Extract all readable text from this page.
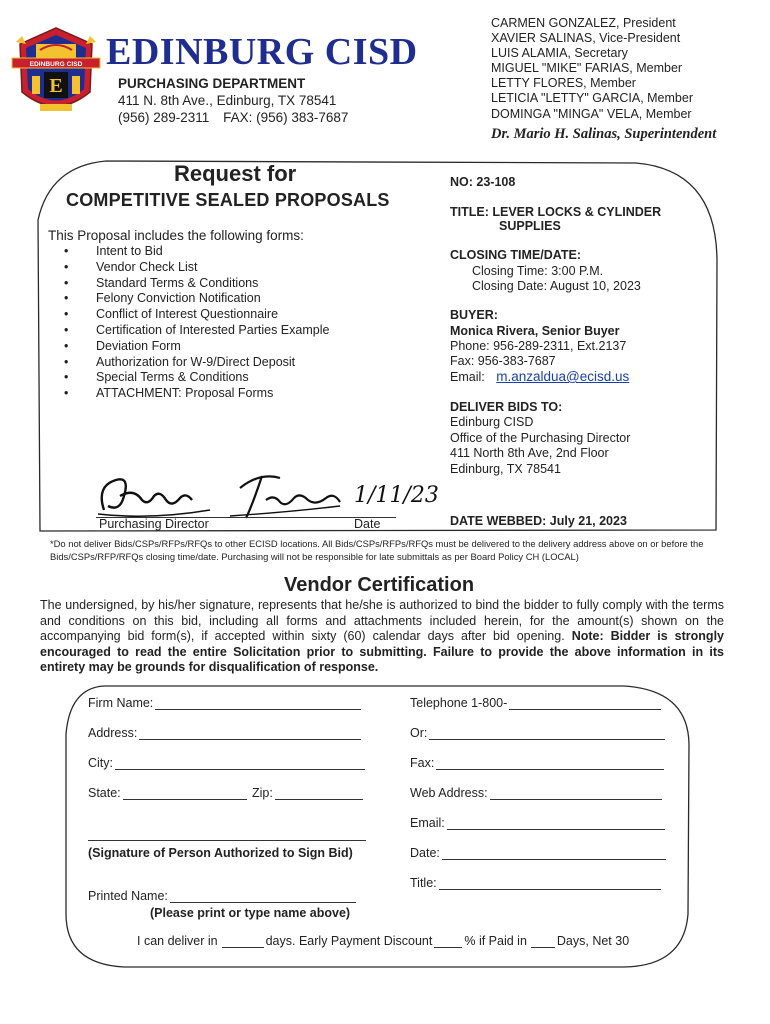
EDINBURG CISD
E
EDINBURG CISD
PURCHASING DEPARTMENT
411 N. 8th Ave., Edinburg, TX 78541
(956) 289-2311 FAX: (956) 383-7687
CARMEN GONZALEZ, President
XAVIER SALINAS, Vice-President
LUIS ALAMIA, Secretary
MIGUEL "MIKE" FARIAS, Member
LETTY FLORES, Member
LETICIA "LETTY" GARCIA, Member
DOMINGA "MINGA" VELA, Member
Dr. Mario H. Salinas, Superintendent
Request for
COMPETITIVE SEALED PROPOSALS
This Proposal includes the following forms:
• Intent to Bid
• Vendor Check List
• Standard Terms & Conditions
• Felony Conviction Notification
• Conflict of Interest Questionnaire
• Certification of Interested Parties Example
• Deviation Form
• Authorization for W-9/Direct Deposit
• Special Terms & Conditions
• ATTACHMENT: Proposal Forms
NO: 23-108
TITLE: LEVER LOCKS & CYLINDER
SUPPLIES
CLOSING TIME/DATE:
Closing Time: 3:00 P.M.
Closing Date: August 10, 2023
BUYER:
Monica Rivera, Senior Buyer
Phone: 956-289-2311, Ext.2137
Fax: 956-383-7687
Email: m.anzaldua@ecisd.us
DELIVER BIDS TO:
Edinburg CISD
Office of the Purchasing Director
411 North 8th Ave, 2nd Floor
Edinburg, TX 78541
1/11/23
Purchasing Director	Date	DATE WEBBED: July 21, 2023
*Do not deliver Bids/CSPs/RFPs/RFQs to other ECISD locations. All Bids/CSPs/RFPs/RFQs must be delivered to the delivery address above on or before the Bids/CSPs/RFP/RFQs closing time/date. Purchasing will not be responsible for late submittals as per Board Policy CH (LOCAL)
Vendor Certification
The undersigned, by his/her signature, represents that he/she is authorized to bind the bidder to fully comply with the terms and conditions on this bid, including all forms and attachments included herein, for the amount(s) shown on the accompanying bid form(s), if accepted within sixty (60) calendar days after bid opening. Note: Bidder is strongly encouraged to read the entire Solicitation prior to submitting. Failure to provide the above information in its entirety may be grounds for disqualification of response.
Firm Name:
Address:
City:
State:	Zip:
(Signature of Person Authorized to Sign Bid)
Printed Name:
(Please print or type name above)
Telephone 1-800-
Or:
Fax:
Web Address:
Email:
Date:
Title:
I can deliver in	days. Early Payment Discount	% if Paid in Days, Net 30
